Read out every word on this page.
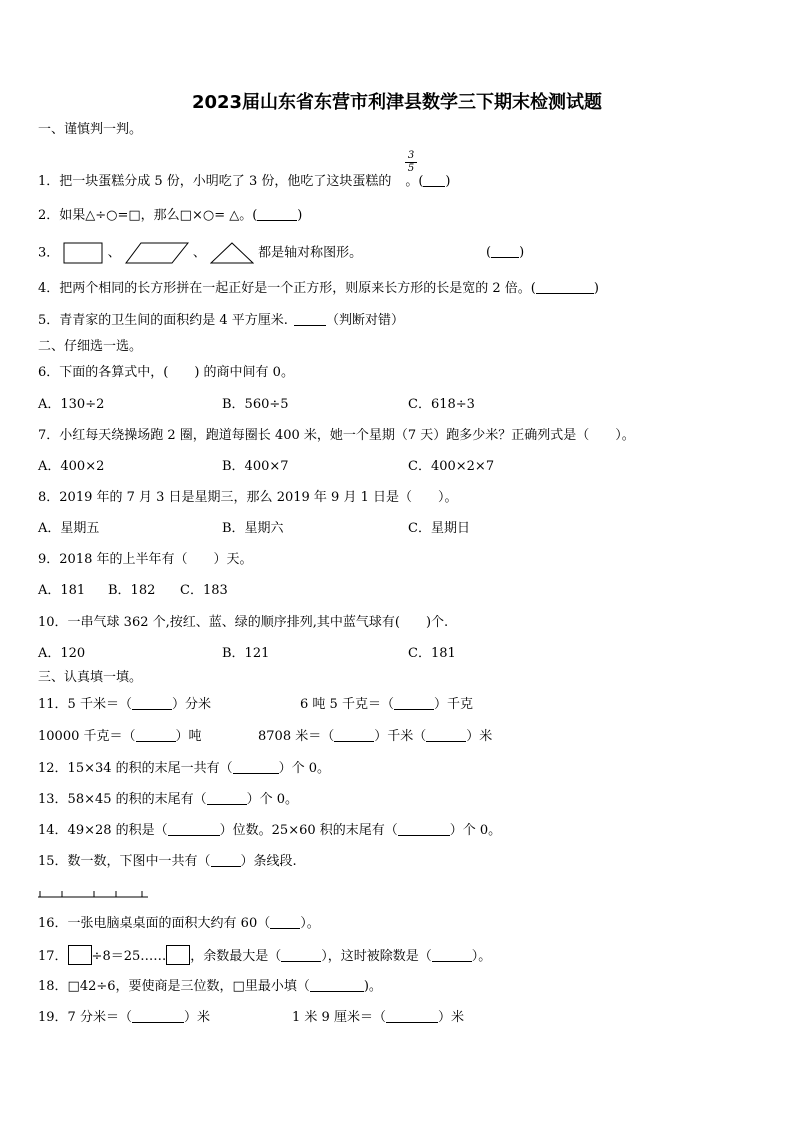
2023届山东省东营市利津县数学三下期末检测试题
一、谨慎判一判。
3
5
1．把一块蛋糕分成 5 份，小明吃了 3 份，他吃了这块蛋糕的 。( )
2．如果△÷○=□，那么□×○= △。(	)
3．	、	、	都是轴对称图形。	( )
4．把两个相同的长方形拼在一起正好是一个正方形，则原来长方形的长是宽的 2 倍。(	)
5．青青家的卫生间的面积约是 4 平方厘米.	（判断对错）
二、仔细选一选。
6．下面的各算式中，(　　) 的商中间有 0。
A．130÷2	B．560÷5	C．618÷3
7．小红每天绕操场跑 2 圈，跑道每圈长 400 米，她一个星期（7 天）跑多少米？正确列式是（　　）。
A．400×2	B．400×7	C．400×2×7
8．2019 年的 7 月 3 日是星期三，那么 2019 年 9 月 1 日是（　　）。
A．星期五	B．星期六	C．星期日
9．2018 年的上半年有（　　）天。
A．181 B．182 C．183
10．一串气球 362 个,按红、蓝、绿的顺序排列,其中蓝气球有(　　)个.
A．120	B．121	C．181
三、认真填一填。
11．5 千米＝（	）分米	6 吨 5 千克＝（	）千克
10000 千克＝（	）吨	8708 米＝（	）千米（	）米
12．15×34 的积的末尾一共有（	）个 0。
13．58×45 的积的末尾有（	）个 0。
14．49×28 的积是（	）位数。25×60 积的末尾有（	）个 0。
15．数一数，下图中一共有（ ）条线段.
16．一张电脑桌桌面的面积大约有 60（ ）。
17． ÷8＝25…… ，余数最大是（	），这时被除数是（	）。
18．□42÷6，要使商是三位数，□里最小填（	)。
19．7 分米＝（	）米	1 米 9 厘米＝（	）米
